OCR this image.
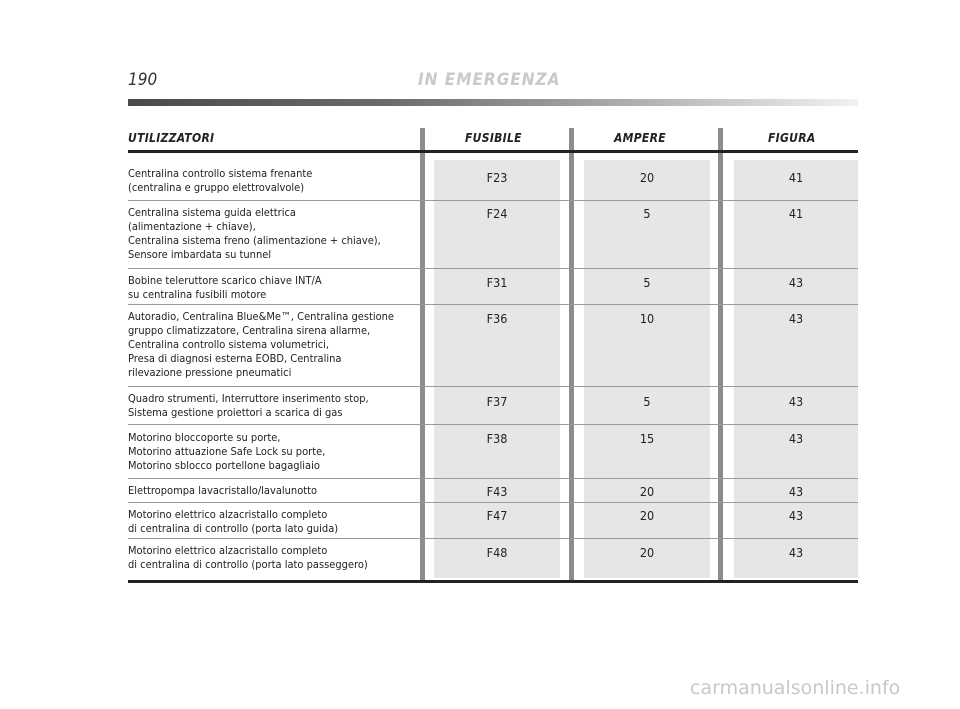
190	IN EMERGENZA
UTILIZZATORI	FUSIBILE	AMPERE	FIGURA
Centralina controllo sistema frenante
(centralina e gruppo elettrovalvole)
F23	20	41
Centralina sistema guida elettrica
(alimentazione + chiave),
Centralina sistema freno (alimentazione + chiave),
Sensore imbardata su tunnel
F24	5	41
Bobine teleruttore scarico chiave INT/A
su centralina fusibili motore
F31	5	43
Autoradio, Centralina Blue&Me™, Centralina gestione
gruppo climatizzatore, Centralina sirena allarme,
Centralina controllo sistema volumetrici,
Presa di diagnosi esterna EOBD, Centralina
rilevazione pressione pneumatici
F36	10	43
Quadro strumenti, Interruttore inserimento stop,
Sistema gestione proiettori a scarica di gas
F37	5	43
Motorino bloccoporte su porte,
Motorino attuazione Safe Lock su porte,
Motorino sblocco portellone bagagliaio
F38	15	43
Elettropompa lavacristallo/lavalunotto	F43	20	43
Motorino elettrico alzacristallo completo
di centralina di controllo (porta lato guida)
F47	20	43
Motorino elettrico alzacristallo completo
di centralina di controllo (porta lato passeggero)
F48	20	43
carmanualsonline.info
